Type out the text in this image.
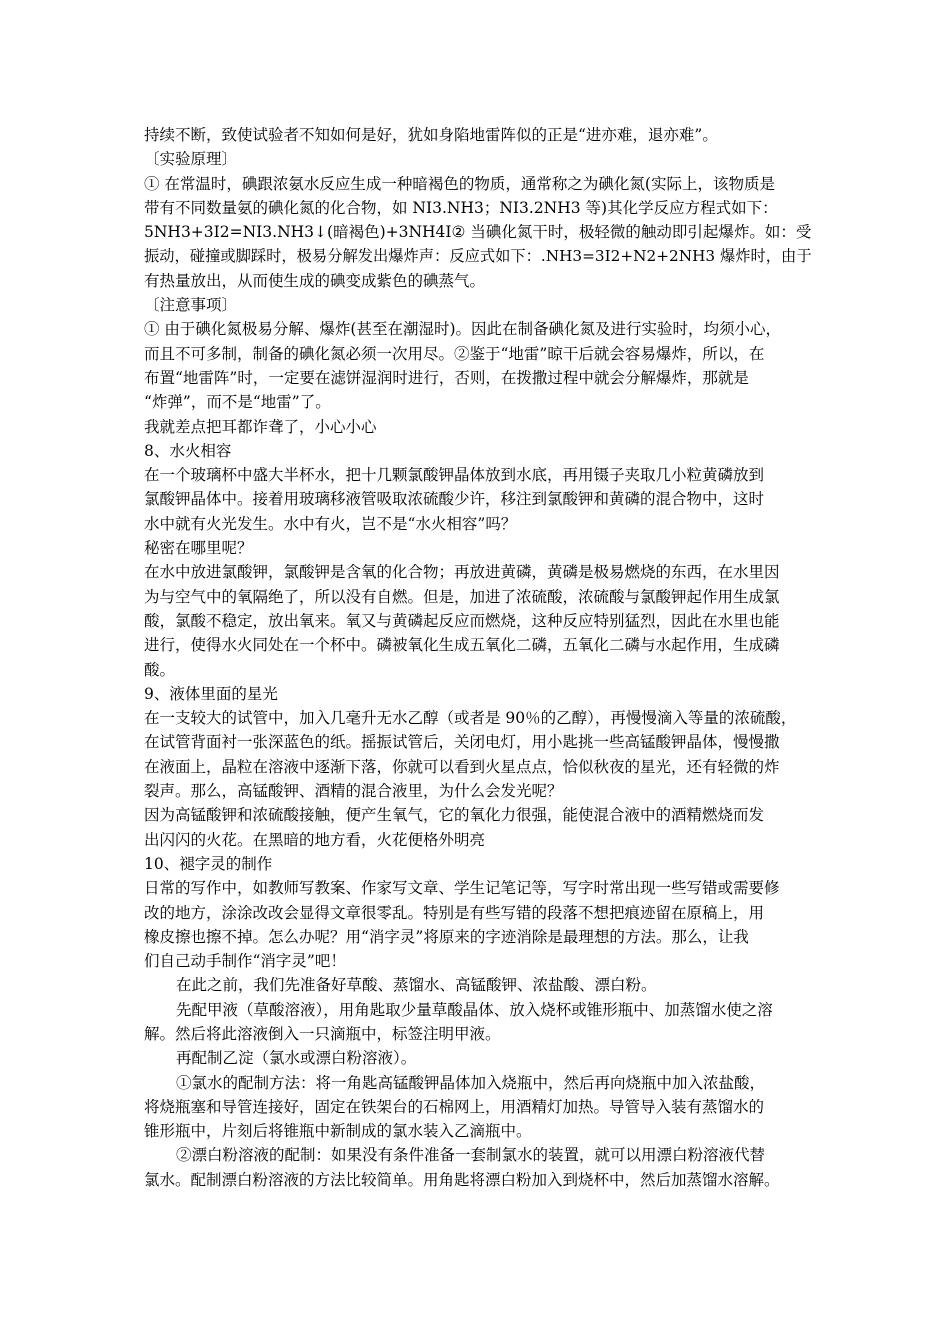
持续不断，致使试验者不知如何是好，犹如身陷地雷阵似的正是“进亦难，退亦难”。
〔实验原理〕
① 在常温时，碘跟浓氨水反应生成一种暗褐色的物质，通常称之为碘化氮(实际上，该物质是
带有不同数量氨的碘化氮的化合物，如 NI3.NH3；NI3.2NH3 等)其化学反应方程式如下：
5NH3+3I2=NI3.NH3↓(暗褐色)+3NH4I② 当碘化氮干时，极轻微的触动即引起爆炸。如：受
振动，碰撞或脚踩时，极易分解发出爆炸声：反应式如下：.NH3=3I2+N2+2NH3 爆炸时，由于
有热量放出，从而使生成的碘变成紫色的碘蒸气。
〔注意事项〕
① 由于碘化氮极易分解、爆炸(甚至在潮湿时)。因此在制备碘化氮及进行实验时，均须小心，
而且不可多制，制备的碘化氮必须一次用尽。②鉴于“地雷”晾干后就会容易爆炸，所以，在
布置“地雷阵”时，一定要在滤饼湿润时进行，否则，在拨撒过程中就会分解爆炸，那就是
“炸弹”，而不是“地雷”了。
我就差点把耳都诈聋了，小心小心
8、水火相容
在一个玻璃杯中盛大半杯水，把十几颗氯酸钾晶体放到水底，再用镊子夹取几小粒黄磷放到
氯酸钾晶体中。接着用玻璃移液管吸取浓硫酸少许，移注到氯酸钾和黄磷的混合物中，这时
水中就有火光发生。水中有火，岂不是“水火相容”吗？
秘密在哪里呢？
在水中放进氯酸钾，氯酸钾是含氧的化合物；再放进黄磷，黄磷是极易燃烧的东西，在水里因
为与空气中的氧隔绝了，所以没有自燃。但是，加进了浓硫酸，浓硫酸与氯酸钾起作用生成氯
酸，氯酸不稳定，放出氧来。氧又与黄磷起反应而燃烧，这种反应特别猛烈，因此在水里也能
进行，使得水火同处在一个杯中。磷被氧化生成五氧化二磷，五氧化二磷与水起作用，生成磷
酸。
9、液体里面的星光
在一支较大的试管中，加入几毫升无水乙醇（或者是 90％的乙醇），再慢慢滴入等量的浓硫酸，
在试管背面衬一张深蓝色的纸。摇振试管后，关闭电灯，用小匙挑一些高锰酸钾晶体，慢慢撒
在液面上，晶粒在溶液中逐渐下落，你就可以看到火星点点，恰似秋夜的星光，还有轻微的炸
裂声。那么，高锰酸钾、酒精的混合液里，为什么会发光呢？
因为高锰酸钾和浓硫酸接触，便产生氧气，它的氧化力很强，能使混合液中的酒精燃烧而发
出闪闪的火花。在黑暗的地方看，火花便格外明亮
10、褪字灵的制作
日常的写作中，如教师写教案、作家写文章、学生记笔记等，写字时常出现一些写错或需要修
改的地方，涂涂改改会显得文章很零乱。特别是有些写错的段落不想把痕迹留在原稿上，用
橡皮擦也擦不掉。怎么办呢？用“消字灵”将原来的字迹消除是最理想的方法。那么，让我
们自己动手制作“消字灵”吧！
在此之前，我们先准备好草酸、蒸馏水、高锰酸钾、浓盐酸、漂白粉。
先配甲液（草酸溶液），用角匙取少量草酸晶体、放入烧杯或锥形瓶中、加蒸馏水使之溶
解。然后将此溶液倒入一只滴瓶中，标签注明甲液。
再配制乙淀（氯水或漂白粉溶液）。
①氯水的配制方法：将一角匙高锰酸钾晶体加入烧瓶中，然后再向烧瓶中加入浓盐酸，
将烧瓶塞和导管连接好，固定在铁架台的石棉网上，用酒精灯加热。导管导入装有蒸馏水的
锥形瓶中，片刻后将锥瓶中新制成的氯水装入乙滴瓶中。
②漂白粉溶液的配制：如果没有条件准备一套制氯水的装置，就可以用漂白粉溶液代替
氯水。配制漂白粉溶液的方法比较简单。用角匙将漂白粉加入到烧杯中，然后加蒸馏水溶解。
